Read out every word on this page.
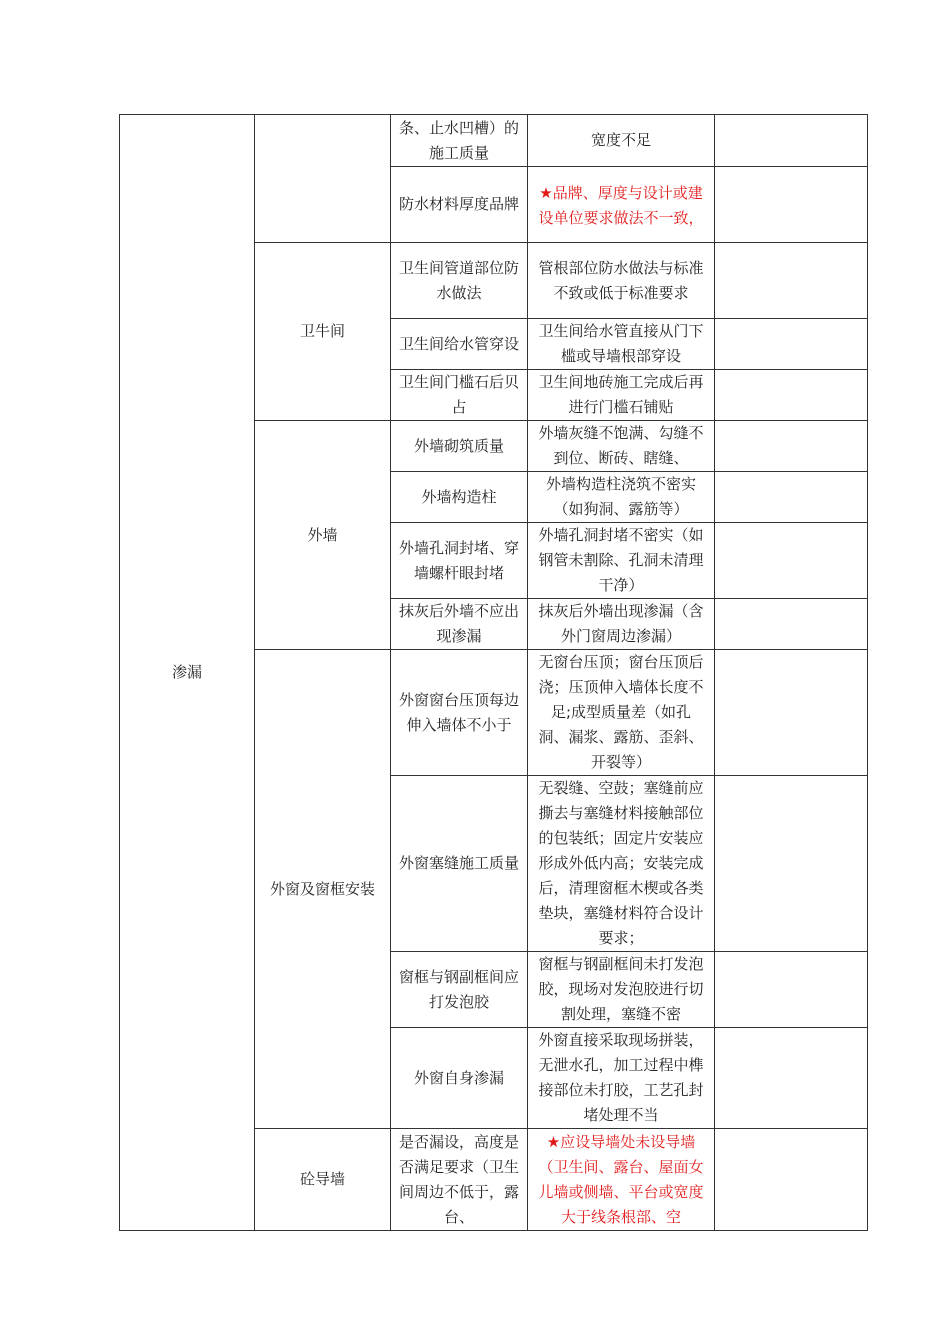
渗漏		条、止水凹槽）的施工质量	宽度不足	

		防水材料厚度品牌	★品牌、厚度与设计或建设单位要求做法不一致，	

	卫牛间	卫生间管道部位防水做法	管根部位防水做法与标准不致或低于标准要求	

		卫生间给水管穿设	卫生间给水管直接从门下槛或导墙根部穿设	

		卫生间门槛石后贝占	卫生间地砖施工完成后再进行门槛石铺贴	

	外墙	外墙砌筑质量	外墙灰缝不饱满、勾缝不到位、断砖、瞎缝、	

		外墙构造柱	外墙构造柱浇筑不密实（如狗洞、露筋等）	

		外墙孔洞封堵、穿墙螺杆眼封堵	外墙孔洞封堵不密实（如钢管未割除、孔洞未清理干净）	

		抹灰后外墙不应出现渗漏	抹灰后外墙出现渗漏（含外门窗周边渗漏）	

	外窗及窗框安装	外窗窗台压顶每边伸入墙体不小于	无窗台压顶；窗台压顶后浇；压顶伸入墙体长度不足;成型质量差（如孔洞、漏浆、露筋、歪斜、开裂等）	

		外窗塞缝施工质量	无裂缝、空鼓；塞缝前应撕去与塞缝材料接触部位的包装纸；固定片安装应形成外低内高；安装完成后，清理窗框木楔或各类垫块，塞缝材料符合设计要求；	

		窗框与钢副框间应打发泡胶	窗框与钢副框间未打发泡胶，现场对发泡胶进行切割处理，塞缝不密	

		外窗自身渗漏	外窗直接采取现场拼装，无泄水孔，加工过程中榫接部位未打胶，工艺孔封堵处理不当	

	砼导墙	是否漏设，高度是否满足要求（卫生间周边不低于，露台、	★应设导墙处未设导墙（卫生间、露台、屋面女儿墙或侧墙、平台或宽度大于线条根部、空	
